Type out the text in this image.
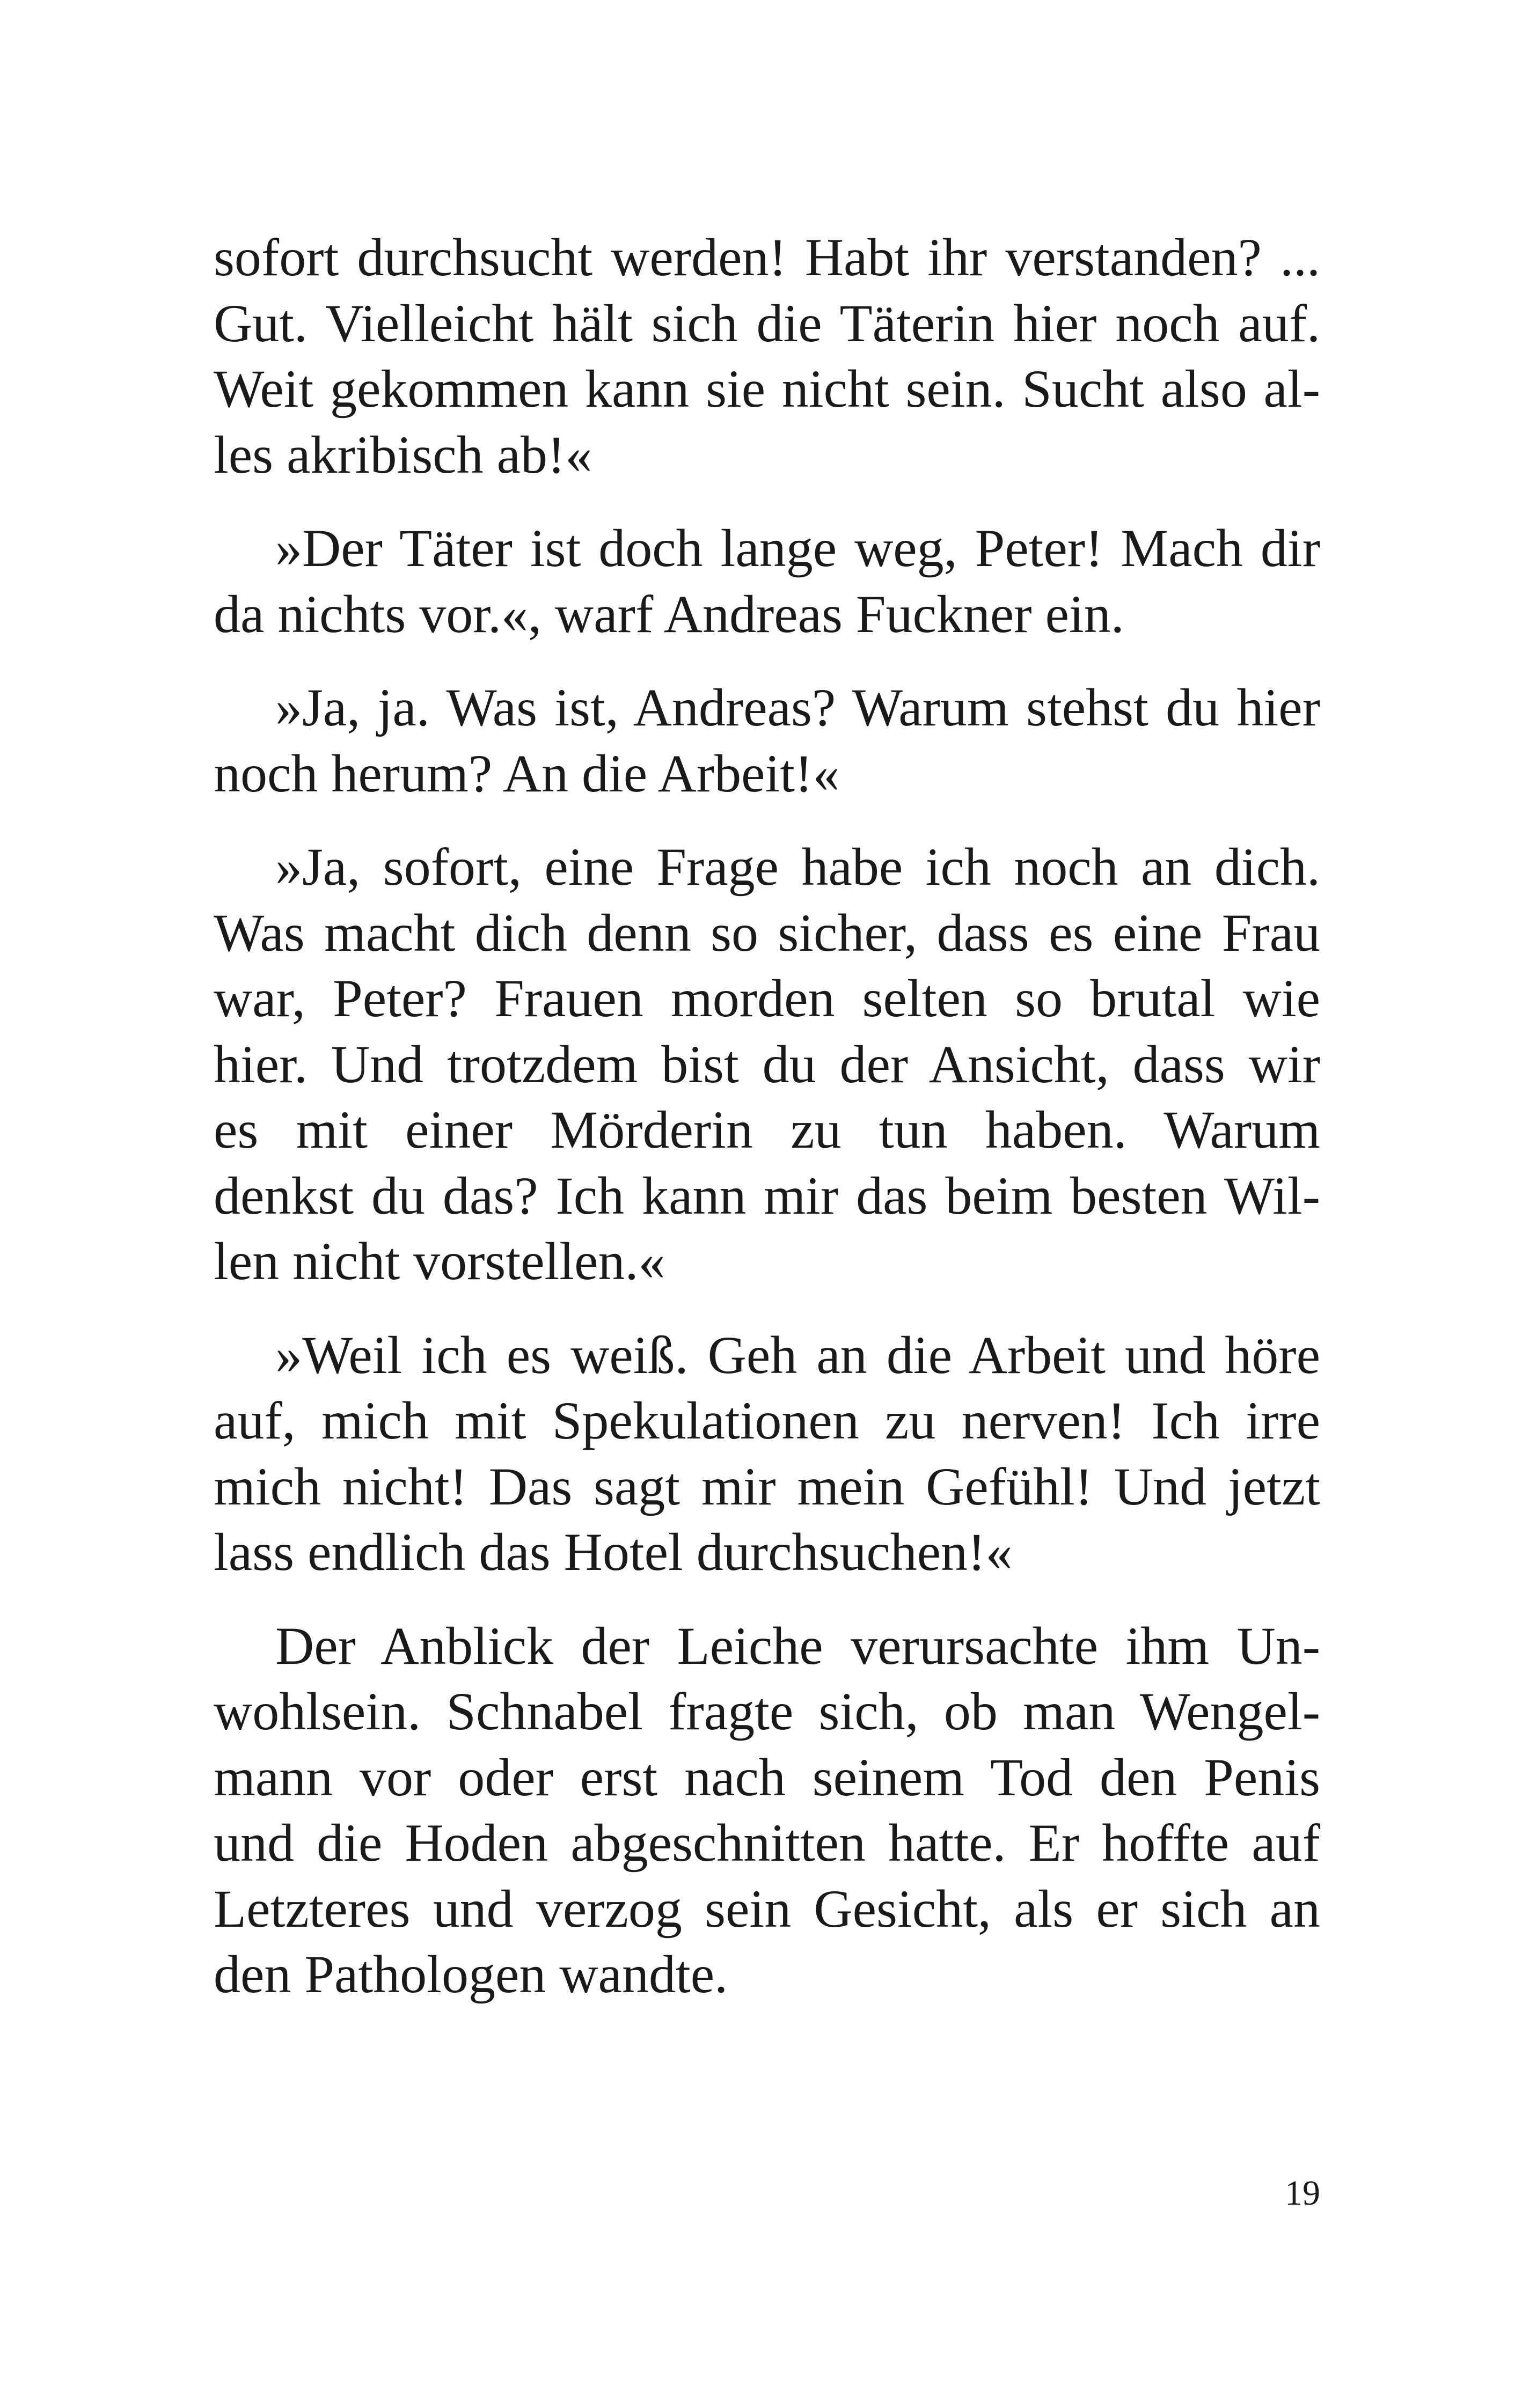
sofort durchsucht werden! Habt ihr verstanden? ...
Gut. Vielleicht hält sich die Täterin hier noch auf.
Weit gekommen kann sie nicht sein. Sucht also al-
les akribisch ab!«
»Der Täter ist doch lange weg, Peter! Mach dir
da nichts vor.«, warf Andreas Fuckner ein.
»Ja, ja. Was ist, Andreas? Warum stehst du hier
noch herum? An die Arbeit!«
»Ja, sofort, eine Frage habe ich noch an dich.
Was macht dich denn so sicher, dass es eine Frau
war, Peter? Frauen morden selten so brutal wie
hier. Und trotzdem bist du der Ansicht, dass wir
es mit einer Mörderin zu tun haben. Warum
denkst du das? Ich kann mir das beim besten Wil-
len nicht vorstellen.«
»Weil ich es weiß. Geh an die Arbeit und höre
auf, mich mit Spekulationen zu nerven! Ich irre
mich nicht! Das sagt mir mein Gefühl! Und jetzt
lass endlich das Hotel durchsuchen!«
Der Anblick der Leiche verursachte ihm Un-
wohlsein. Schnabel fragte sich, ob man Wengel-
mann vor oder erst nach seinem Tod den Penis
und die Hoden abgeschnitten hatte. Er hoffte auf
Letzteres und verzog sein Gesicht, als er sich an
den Pathologen wandte.
19
